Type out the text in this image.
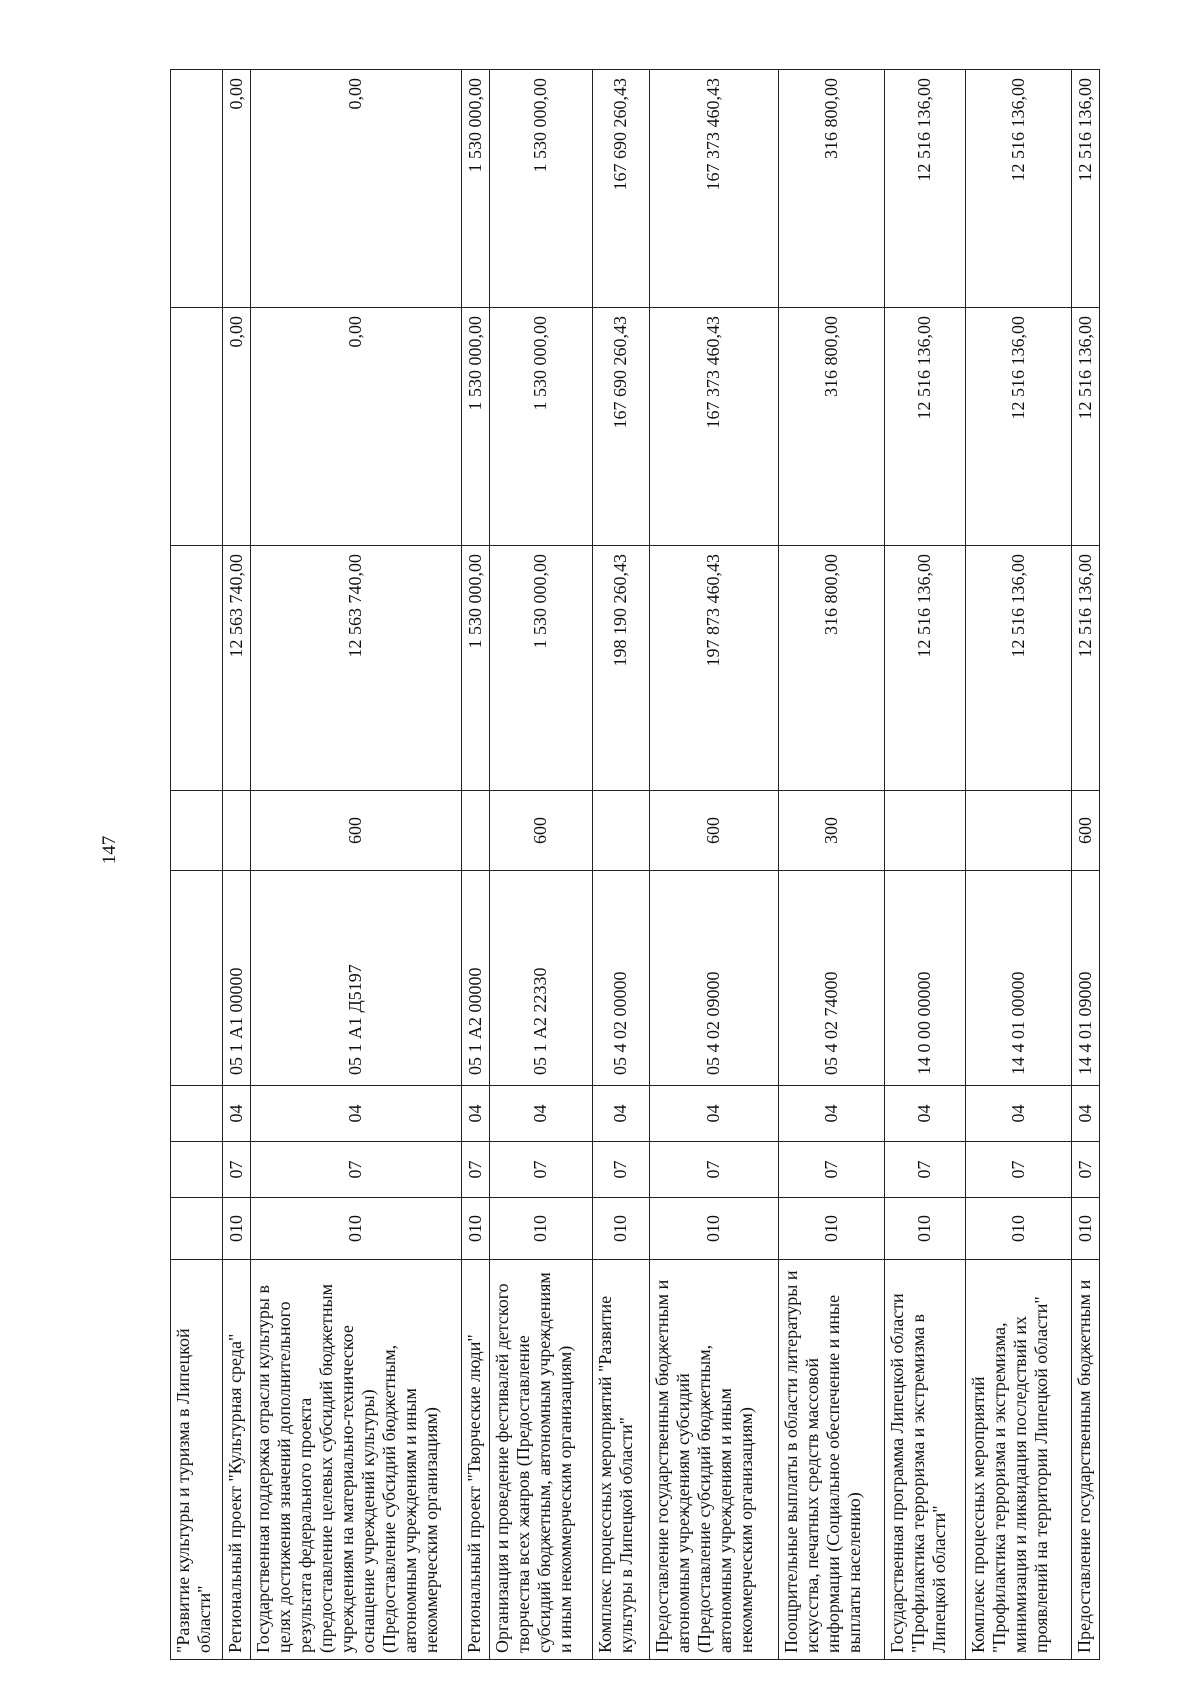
147
"Развитие культуры и туризма в Липецкой области"								
Региональный проект "Культурная среда"	010	07	04	05 1 А1 00000		12 563 740,00	0,00	0,00
Государственная поддержка отрасли культуры в целях достижения значений дополнительного результата федерального проекта (предоставление целевых субсидий бюджетным учреждениям на материально-техническое оснащение учреждений культуры) (Предоставление субсидий бюджетным, автономным учреждениям и иным некоммерческим организациям)	010	07	04	05 1 А1 Д5197	600	12 563 740,00	0,00	0,00
Региональный проект "Творческие люди"	010	07	04	05 1 А2 00000		1 530 000,00	1 530 000,00	1 530 000,00
Организация и проведение фестивалей детского творчества всех жанров (Предоставление субсидий бюджетным, автономным учреждениям и иным некоммерческим организациям)	010	07	04	05 1 А2 22330	600	1 530 000,00	1 530 000,00	1 530 000,00
Комплекс процессных мероприятий "Развитие культуры в Липецкой области"	010	07	04	05 4 02 00000		198 190 260,43	167 690 260,43	167 690 260,43
Предоставление государственным бюджетным и автономным учреждениям субсидий (Предоставление субсидий бюджетным, автономным учреждениям и иным некоммерческим организациям)	010	07	04	05 4 02 09000	600	197 873 460,43	167 373 460,43	167 373 460,43
Поощрительные выплаты в области литературы и искусства, печатных средств массовой информации (Социальное обеспечение и иные выплаты населению)	010	07	04	05 4 02 74000	300	316 800,00	316 800,00	316 800,00
Государственная программа Липецкой области "Профилактика терроризма и экстремизма в Липецкой области"	010	07	04	14 0 00 00000		12 516 136,00	12 516 136,00	12 516 136,00
Комплекс процессных мероприятий "Профилактика терроризма и экстремизма, минимизация и ликвидация последствий их проявлений на территории Липецкой области"	010	07	04	14 4 01 00000		12 516 136,00	12 516 136,00	12 516 136,00
Предоставление государственным бюджетным и	010	07	04	14 4 01 09000	600	12 516 136,00	12 516 136,00	12 516 136,00
